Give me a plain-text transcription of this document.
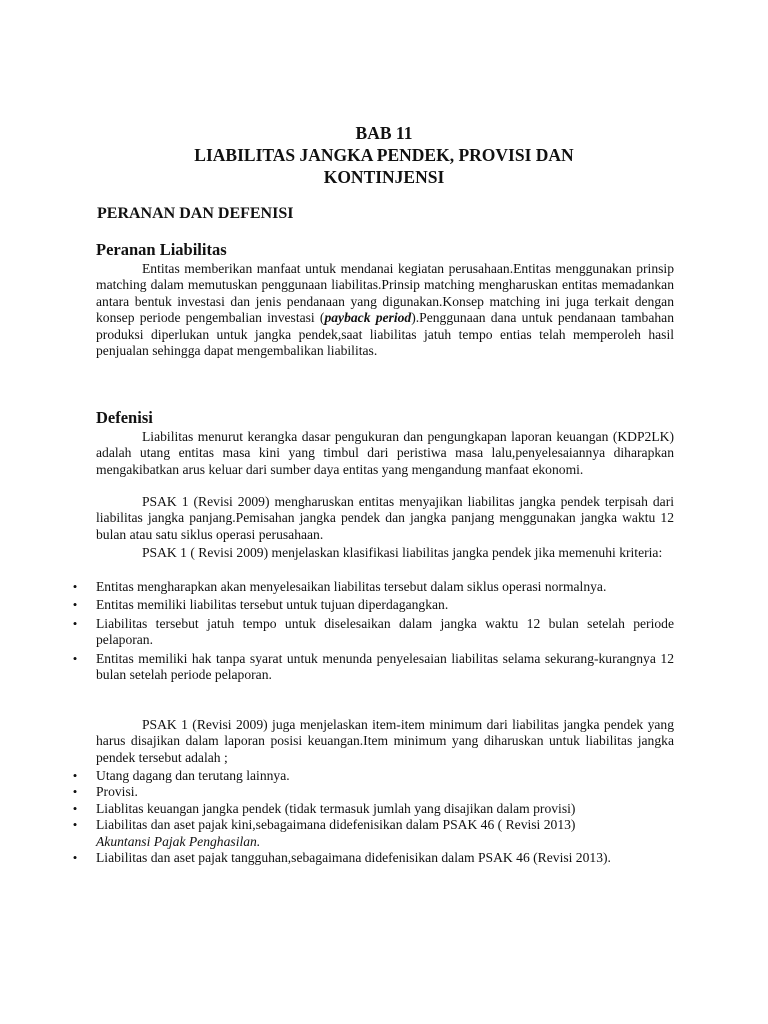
BAB 11
LIABILITAS JANGKA PENDEK, PROVISI DAN
KONTINJENSI
PERANAN DAN DEFENISI
Peranan Liabilitas
Entitas memberikan manfaat untuk mendanai kegiatan perusahaan.Entitas menggunakan prinsip matching dalam memutuskan penggunaan liabilitas.Prinsip matching mengharuskan entitas memadankan antara bentuk investasi dan jenis pendanaan yang digunakan.Konsep matching ini juga terkait dengan konsep periode pengembalian investasi (payback period).Penggunaan dana untuk pendanaan tambahan produksi diperlukan untuk jangka pendek,saat liabilitas jatuh tempo entias telah memperoleh hasil penjualan sehingga dapat mengembalikan liabilitas.
Defenisi
Liabilitas menurut kerangka dasar pengukuran dan pengungkapan laporan keuangan (KDP2LK) adalah utang entitas masa kini yang timbul dari peristiwa masa lalu,penyelesaiannya diharapkan mengakibatkan arus keluar dari sumber daya entitas yang mengandung manfaat ekonomi.
PSAK 1 (Revisi 2009) mengharuskan entitas menyajikan liabilitas jangka pendek terpisah dari liabilitas jangka panjang.Pemisahan jangka pendek dan jangka panjang menggunakan jangka waktu 12 bulan atau satu siklus operasi perusahaan.
PSAK 1 ( Revisi 2009) menjelaskan klasifikasi liabilitas jangka pendek jika memenuhi kriteria:
• Entitas mengharapkan akan menyelesaikan liabilitas tersebut dalam siklus operasi normalnya.
• Entitas memiliki liabilitas tersebut untuk tujuan diperdagangkan.
• Liabilitas tersebut jatuh tempo untuk diselesaikan dalam jangka waktu 12 bulan setelah periode pelaporan.
• Entitas memiliki hak tanpa syarat untuk menunda penyelesaian liabilitas selama sekurang-kurangnya 12 bulan setelah periode pelaporan.
PSAK 1 (Revisi 2009) juga menjelaskan item-item minimum dari liabilitas jangka pendek yang harus disajikan dalam laporan posisi keuangan.Item minimum yang diharuskan untuk liabilitas jangka pendek tersebut adalah ;
• Utang dagang dan terutang lainnya.
• Provisi.
• Liablitas keuangan jangka pendek (tidak termasuk jumlah yang disajikan dalam provisi)
• Liabilitas dan aset pajak kini,sebagaimana didefenisikan dalam PSAK 46 ( Revisi 2013)
Akuntansi Pajak Penghasilan.
• Liabilitas dan aset pajak tangguhan,sebagaimana didefenisikan dalam PSAK 46 (Revisi 2013).
